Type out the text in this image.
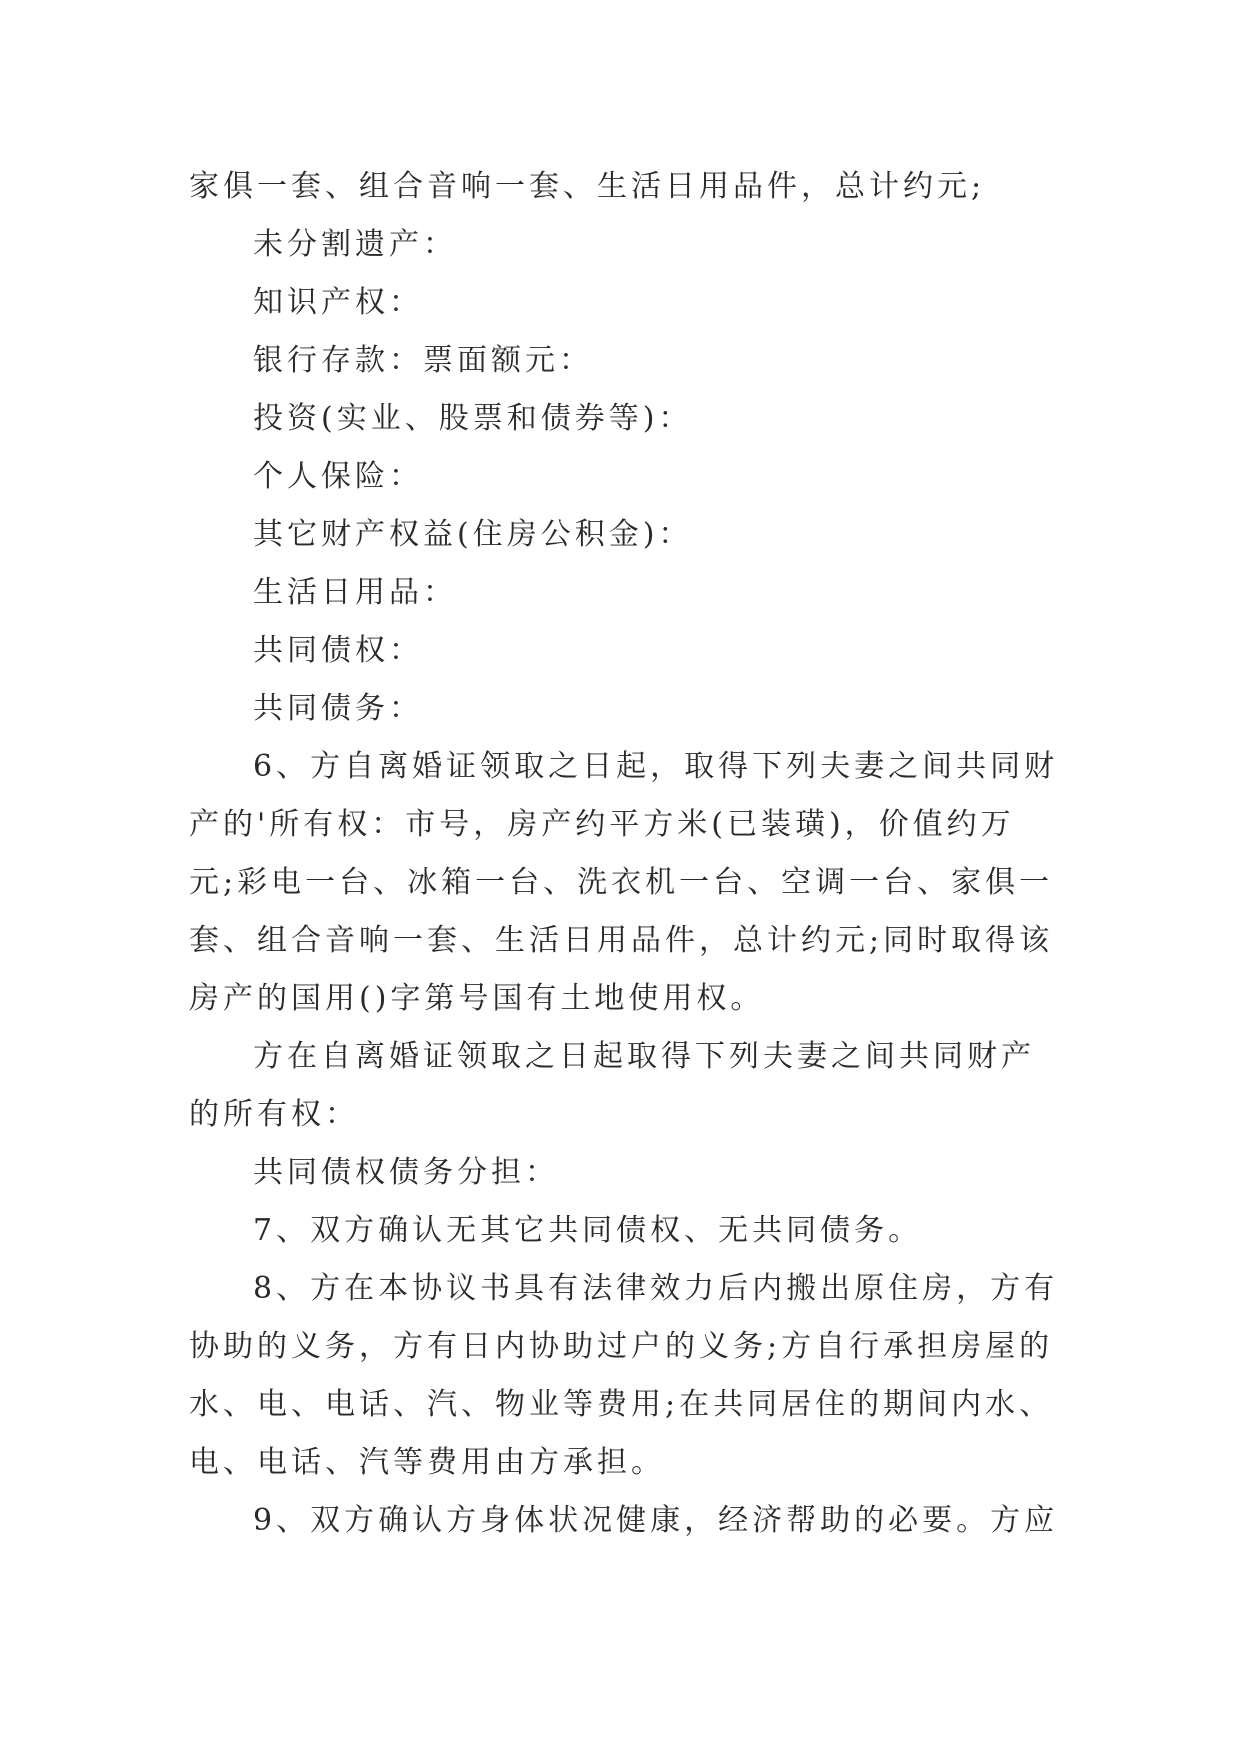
家俱一套、组合音响一套、生活日用品件，总计约元;

未分割遗产：

知识产权：

银行存款：票面额元：

投资(实业、股票和债券等)：

个人保险：

其它财产权益(住房公积金)：

生活日用品：

共同债权：

共同债务：

6、方自离婚证领取之日起，取得下列夫妻之间共同财产的'所有权：市号，房产约平方米(已装璜)，价值约万元;彩电一台、冰箱一台、洗衣机一台、空调一台、家俱一套、组合音响一套、生活日用品件，总计约元;同时取得该房产的国用()字第号国有土地使用权。

方在自离婚证领取之日起取得下列夫妻之间共同财产的所有权：

共同债权债务分担：

7、双方确认无其它共同债权、无共同债务。

8、方在本协议书具有法律效力后内搬出原住房，方有协助的义务，方有日内协助过户的义务;方自行承担房屋的水、电、电话、汽、物业等费用;在共同居住的期间内水、电、电话、汽等费用由方承担。

9、双方确认方身体状况健康，经济帮助的必要。方应
